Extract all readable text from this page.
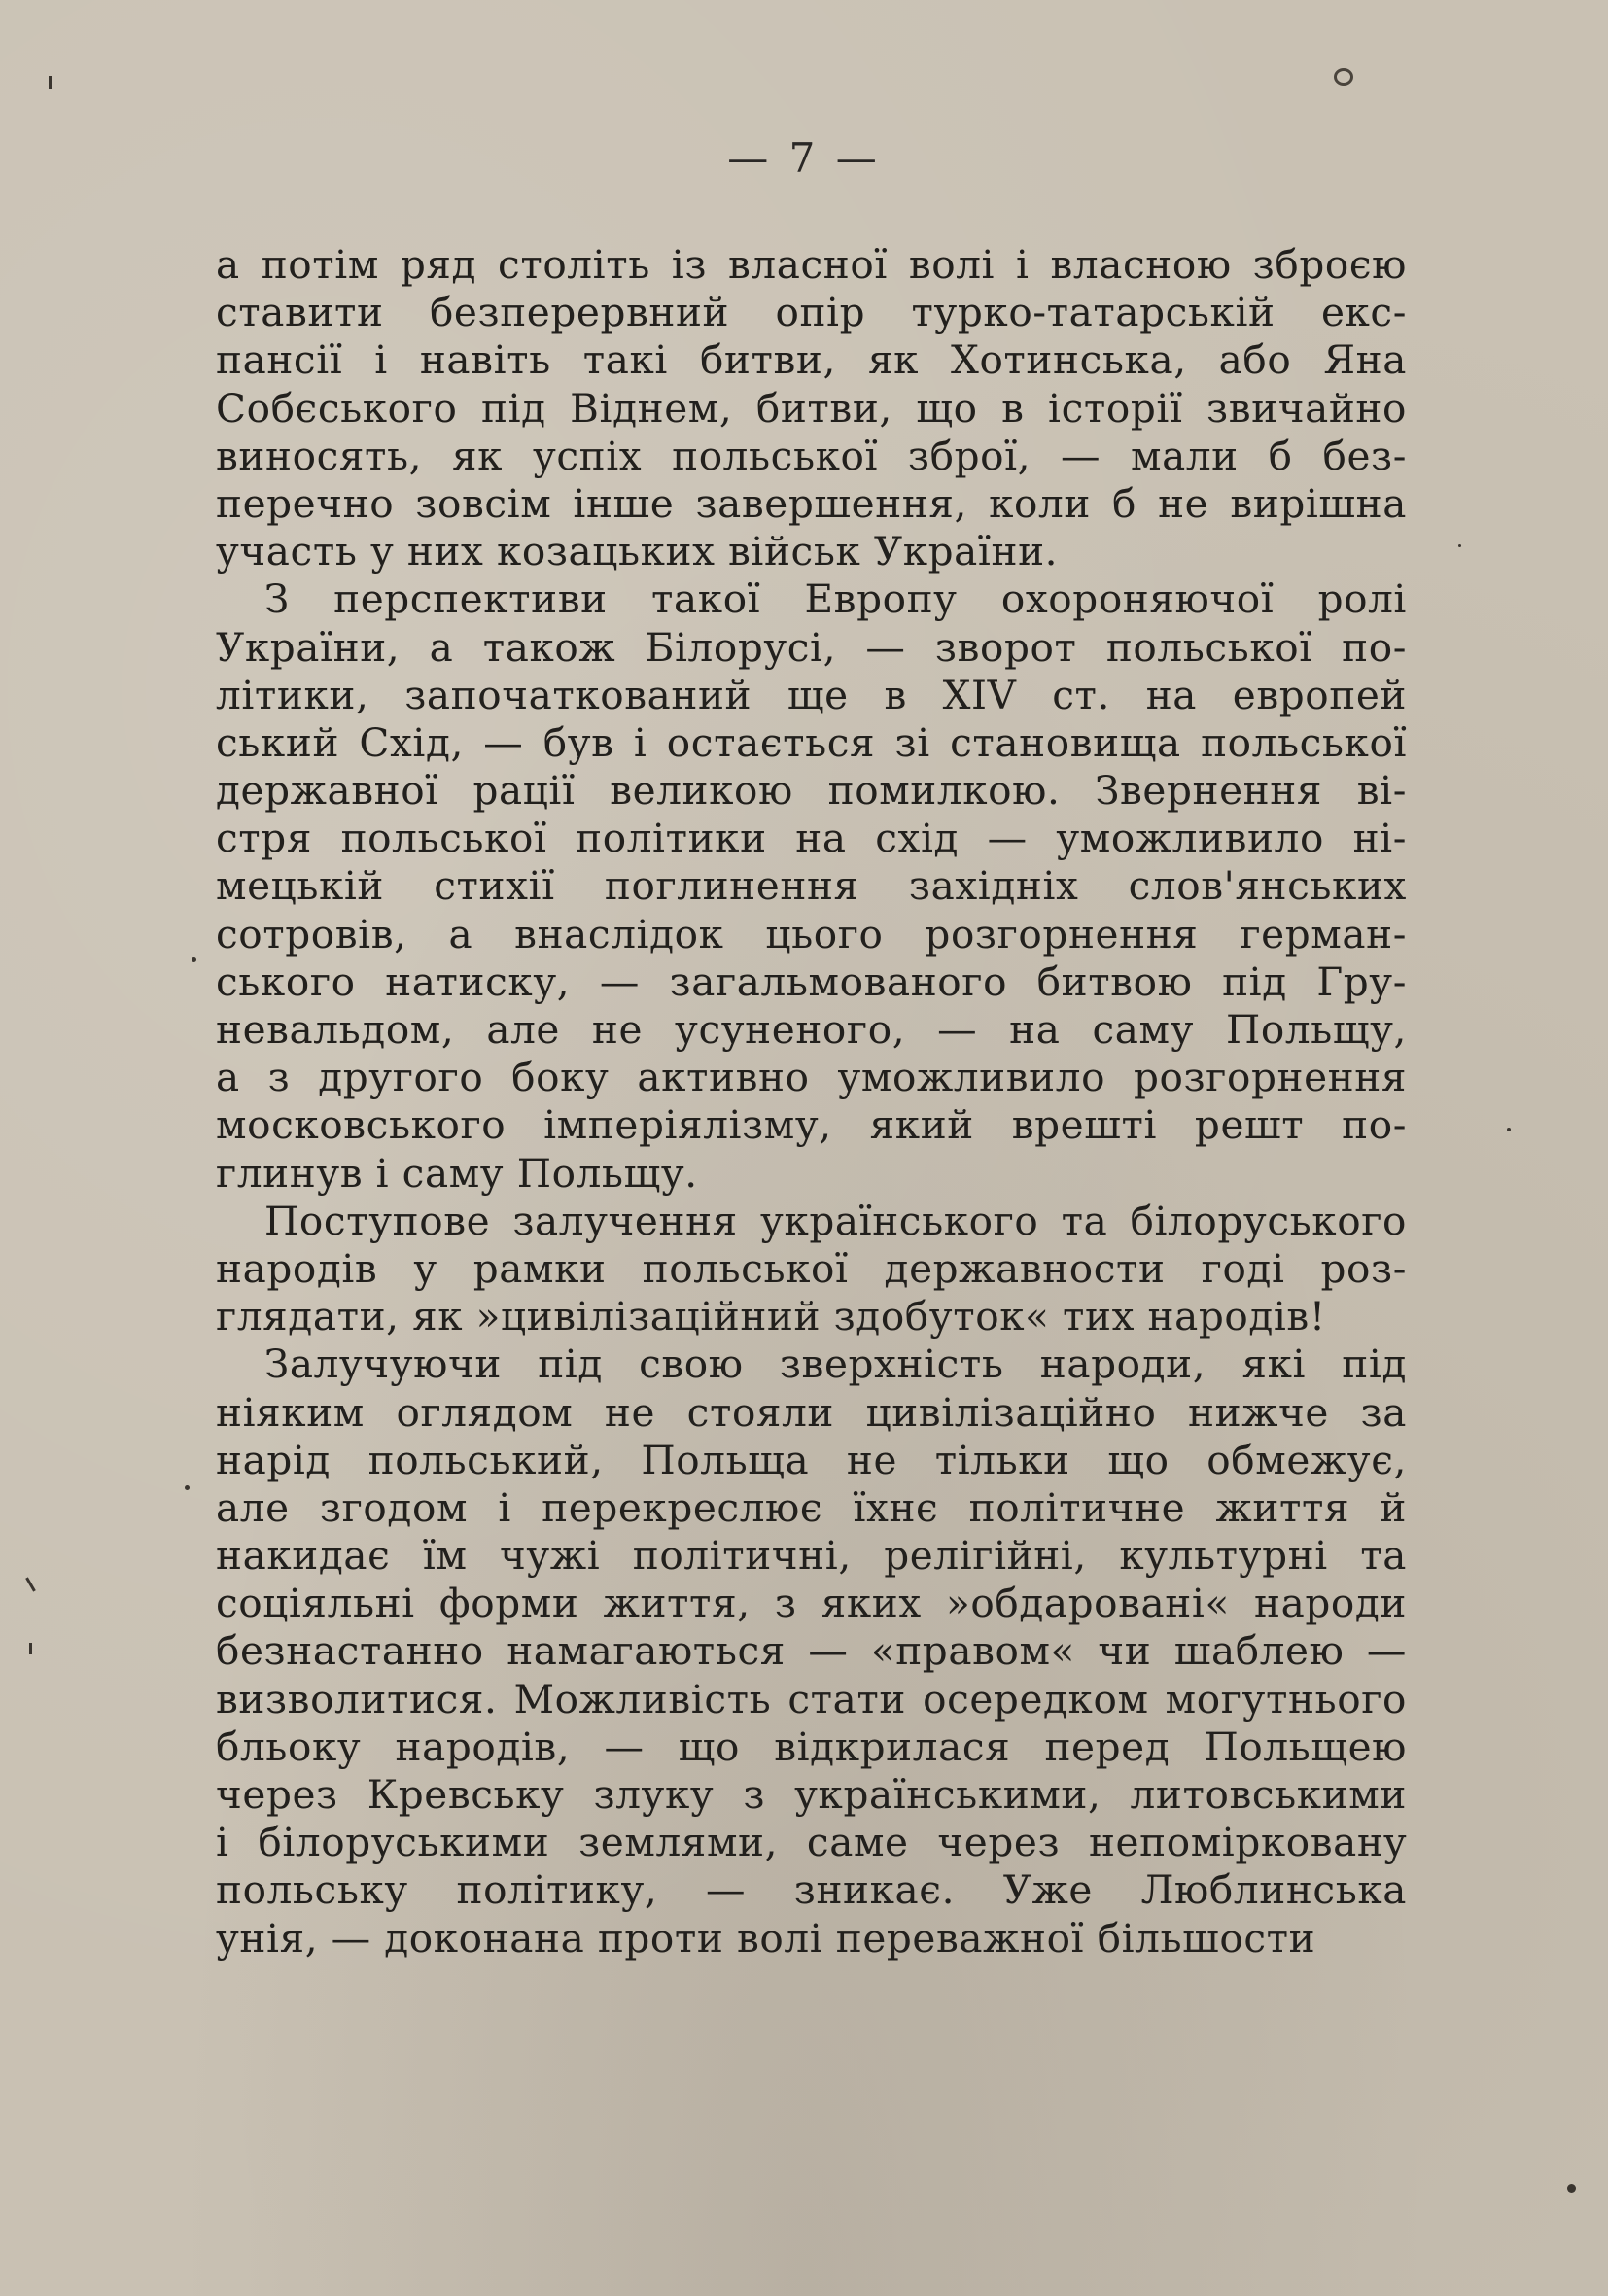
— 7 —
а потім ряд століть із власної волі і власною зброєю
ставити безперервний опір турко-татарській екс-
пансії і навіть такі битви, як Хотинська, або Яна
Собєського під Віднем, битви, що в історії звичайно
виносять, як успіх польської зброї, — мали б без-
перечно зовсім інше завершення, коли б не вирішна
участь у них козацьких військ України.
З перспективи такої Европу охороняючої ролі
України, а також Білорусі, — зворот польської по-
літики, започаткований ще в XIV ст. на европей
ський Схід, — був і остається зі становища польської
державної рації великою помилкою. Звернення ві-
стря польської політики на схід — уможливило ні-
мецькій стихії поглинення західніх слов'янських
сотровів, а внаслідок цього розгорнення герман-
ського натиску, — загальмованого битвою під Гру-
невальдом, але не усуненого, — на саму Польщу,
а з другого боку активно уможливило розгорнення
московського імперіялізму, який врешті решт по-
глинув і саму Польщу.
Поступове залучення українського та білоруського
народів у рамки польської державности годі роз-
глядати, як »цивілізаційний здобуток« тих народів!
Залучуючи під свою зверхність народи, які під
ніяким оглядом не стояли цивілізаційно нижче за
нарід польський, Польща не тільки що обмежує,
але згодом і перекреслює їхнє політичне життя й
накидає їм чужі політичні, релігійні, культурні та
соціяльні форми життя, з яких »обдаровані« народи
безнастанно намагаються — «правом« чи шаблею —
визволитися. Можливість стати осередком могутнього
бльоку народів, — що відкрилася перед Польщею
через Кревську злуку з українськими, литовськими
і білоруськими землями, саме через непоміркованy
польську політику, — зникає. Уже Люблинська
унія, — доконана проти волі переважної більшости
